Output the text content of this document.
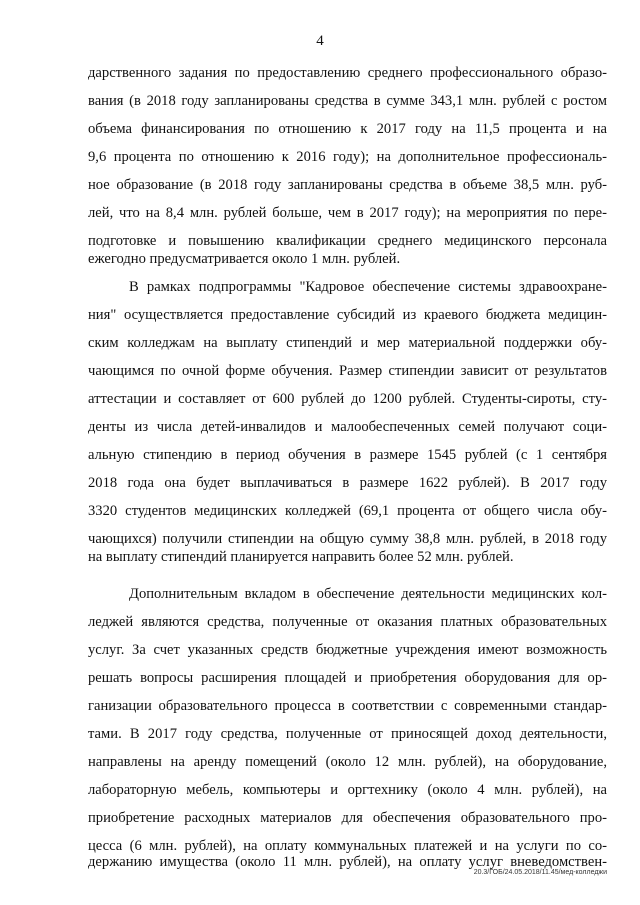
4
дарственного задания по предоставлению среднего профессионального образо-
вания (в 2018 году запланированы средства в сумме 343,1 млн. рублей с ростом
объема финансирования по отношению к 2017 году на 11,5 процента и на
9,6 процента по отношению к 2016 году); на дополнительное профессиональ-
ное образование (в 2018 году запланированы средства в объеме 38,5 млн. руб-
лей, что на 8,4 млн. рублей больше, чем в 2017 году); на мероприятия по пере-
подготовке и повышению квалификации среднего медицинского персонала
ежегодно предусматривается около 1 млн. рублей.
В рамках подпрограммы "Кадровое обеспечение системы здравоохране-
ния" осуществляется предоставление субсидий из краевого бюджета медицин-
ским колледжам на выплату стипендий и мер материальной поддержки обу-
чающимся по очной форме обучения. Размер стипендии зависит от результатов
аттестации и составляет от 600 рублей до 1200 рублей. Студенты-сироты, сту-
денты из числа детей-инвалидов и малообеспеченных семей получают соци-
альную стипендию в период обучения в размере 1545 рублей (с 1 сентября
2018 года она будет выплачиваться в размере 1622 рублей). В 2017 году
3320 студентов медицинских колледжей (69,1 процента от общего числа обу-
чающихся) получили стипендии на общую сумму 38,8 млн. рублей, в 2018 году
на выплату стипендий планируется направить более 52 млн. рублей.
Дополнительным вкладом в обеспечение деятельности медицинских кол-
леджей являются средства, полученные от оказания платных образовательных
услуг. За счет указанных средств бюджетные учреждения имеют возможность
решать вопросы расширения площадей и приобретения оборудования для ор-
ганизации образовательного процесса в соответствии с современными стандар-
тами. В 2017 году средства, полученные от приносящей доход деятельности,
направлены на аренду помещений (около 12 млн. рублей), на оборудование,
лабораторную мебель, компьютеры и оргтехнику (около 4 млн. рублей), на
приобретение расходных материалов для обеспечения образовательного про-
цесса (6 млн. рублей), на оплату коммунальных платежей и на услуги по со-
держанию имущества (около 11 млн. рублей), на оплату услуг вневедомствен-
20.3/ГОБ/24.05.2018/11.45/мед-колледжи
